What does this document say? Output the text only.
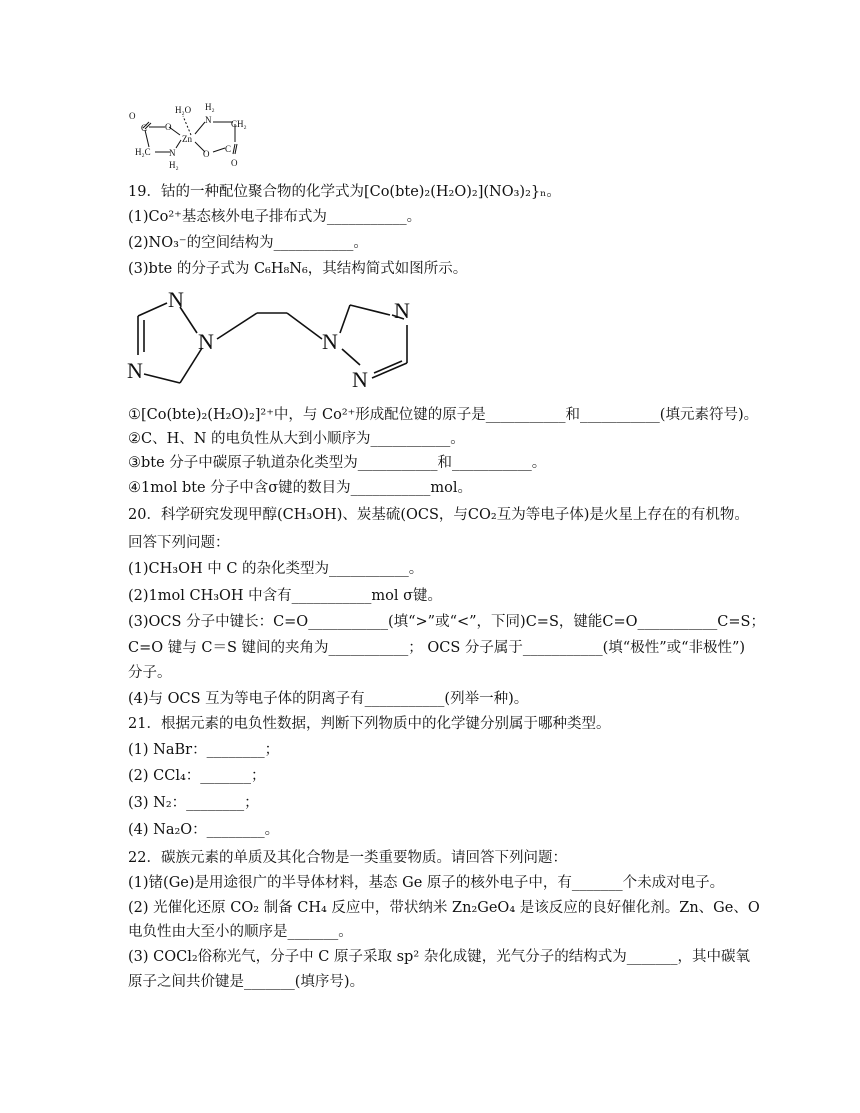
H₂O H₂
N
O
Zn
C O	CH₂
O C
H₂C N
H₂	O
N
N
N
N
N
N
19．钴的一种配位聚合物的化学式为[Co(bte)₂(H₂O)₂](NO₃)₂}ₙ。
(1)Co²⁺基态核外电子排布式为___________。
(2)NO₃⁻的空间结构为___________。
(3)bte 的分子式为 C₆H₈N₆，其结构简式如图所示。
①[Co(bte)₂(H₂O)₂]²⁺中，与 Co²⁺形成配位键的原子是___________和___________(填元素符号)。
②C、H、N 的电负性从大到小顺序为___________。
③bte 分子中碳原子轨道杂化类型为___________和___________。
④1mol bte 分子中含σ键的数目为___________mol。
20．科学研究发现甲醇(CH₃OH)、炭基硫(OCS，与CO₂互为等电子体)是火星上存在的有机物。
回答下列问题：
(1)CH₃OH 中 C 的杂化类型为___________。
(2)1mol CH₃OH 中含有___________mol σ键。
(3)OCS 分子中键长：C=O___________(填“>”或“<”，下同)C=S，键能C=O___________C=S；
C=O 键与 C＝S 键间的夹角为___________； OCS 分子属于___________(填“极性”或“非极性”)
分子。
(4)与 OCS 互为等电子体的阴离子有___________(列举一种)。
21．根据元素的电负性数据，判断下列物质中的化学键分别属于哪种类型。
(1) NaBr：________；
(2) CCl₄：_______；
(3) N₂：________；
(4) Na₂O：________。
22．碳族元素的单质及其化合物是一类重要物质。请回答下列问题：
(1)锗(Ge)是用途很广的半导体材料，基态 Ge 原子的核外电子中，有_______个未成对电子。
(2) 光催化还原 CO₂ 制备 CH₄ 反应中，带状纳米 Zn₂GeO₄ 是该反应的良好催化剂。Zn、Ge、O
电负性由大至小的顺序是_______。
(3) COCl₂俗称光气，分子中 C 原子采取 sp² 杂化成键，光气分子的结构式为_______，其中碳氧
原子之间共价键是_______(填序号)。
